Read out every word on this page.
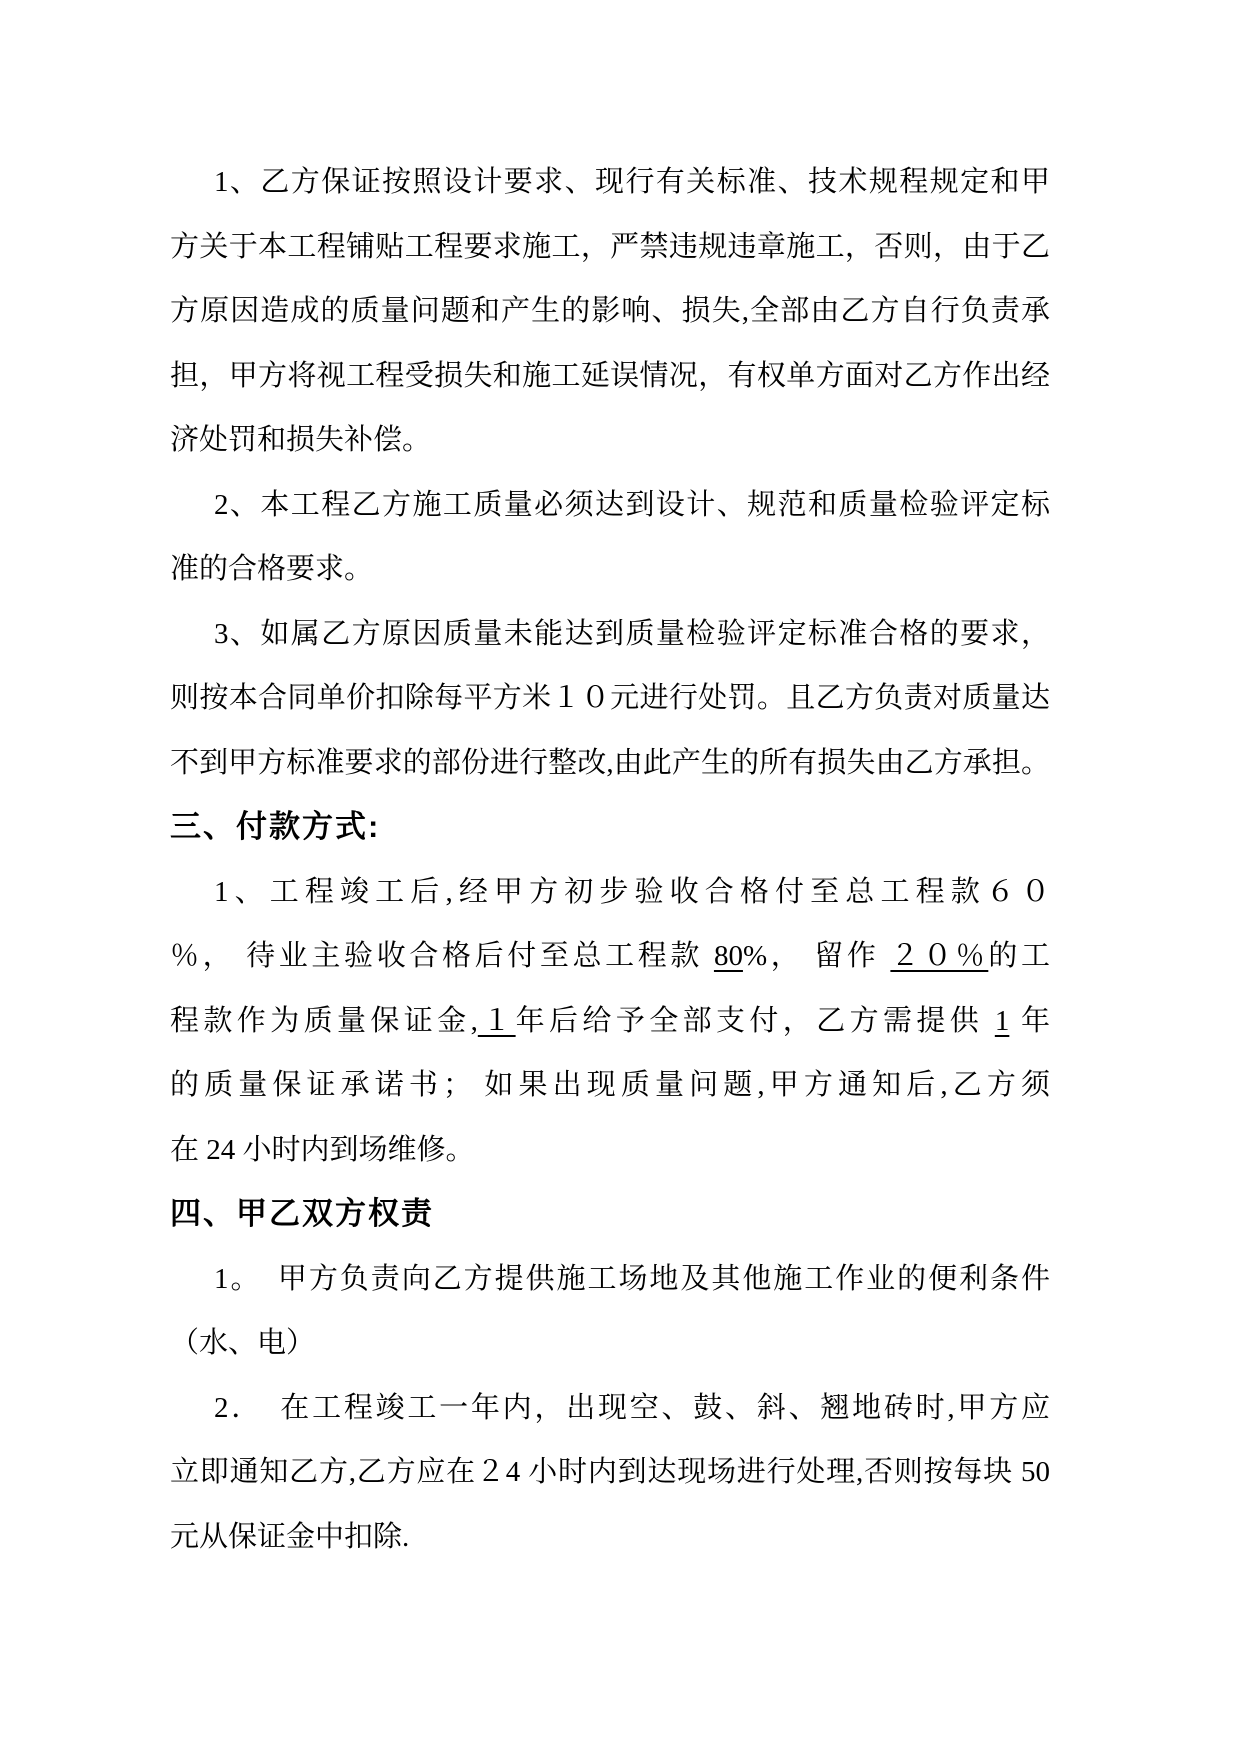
1、乙方保证按照设计要求、现行有关标准、技术规程规定和甲
方关于本工程铺贴工程要求施工，严禁违规违章施工，否则，由于乙
方原因造成的质量问题和产生的影响、损失,全部由乙方自行负责承
担，甲方将视工程受损失和施工延误情况，有权单方面对乙方作出经
济处罚和损失补偿。
2、本工程乙方施工质量必须达到设计、规范和质量检验评定标
准的合格要求。
3、如属乙方原因质量未能达到质量检验评定标准合格的要求，
则按本合同单价扣除每平方米１０元进行处罚。且乙方负责对质量达
不到甲方标准要求的部份进行整改,由此产生的所有损失由乙方承担。
三、付款方式:
1、工程竣工后,经甲方初步验收合格付至总工程款６０
％， 待业主验收合格后付至总工程款 80%， 留作 ２０％的工
程款作为质量保证金,１年后给予全部支付，乙方需提供 1 年
的质量保证承诺书； 如果出现质量问题,甲方通知后,乙方须
在 24 小时内到场维修。
四、甲乙双方权责
1。　甲方负责向乙方提供施工场地及其他施工作业的便利条件
（水、电）
2．　在工程竣工一年内，出现空、鼓、斜、翘地砖时,甲方应
立即通知乙方,乙方应在２4 小时内到达现场进行处理,否则按每块 50
元从保证金中扣除.
